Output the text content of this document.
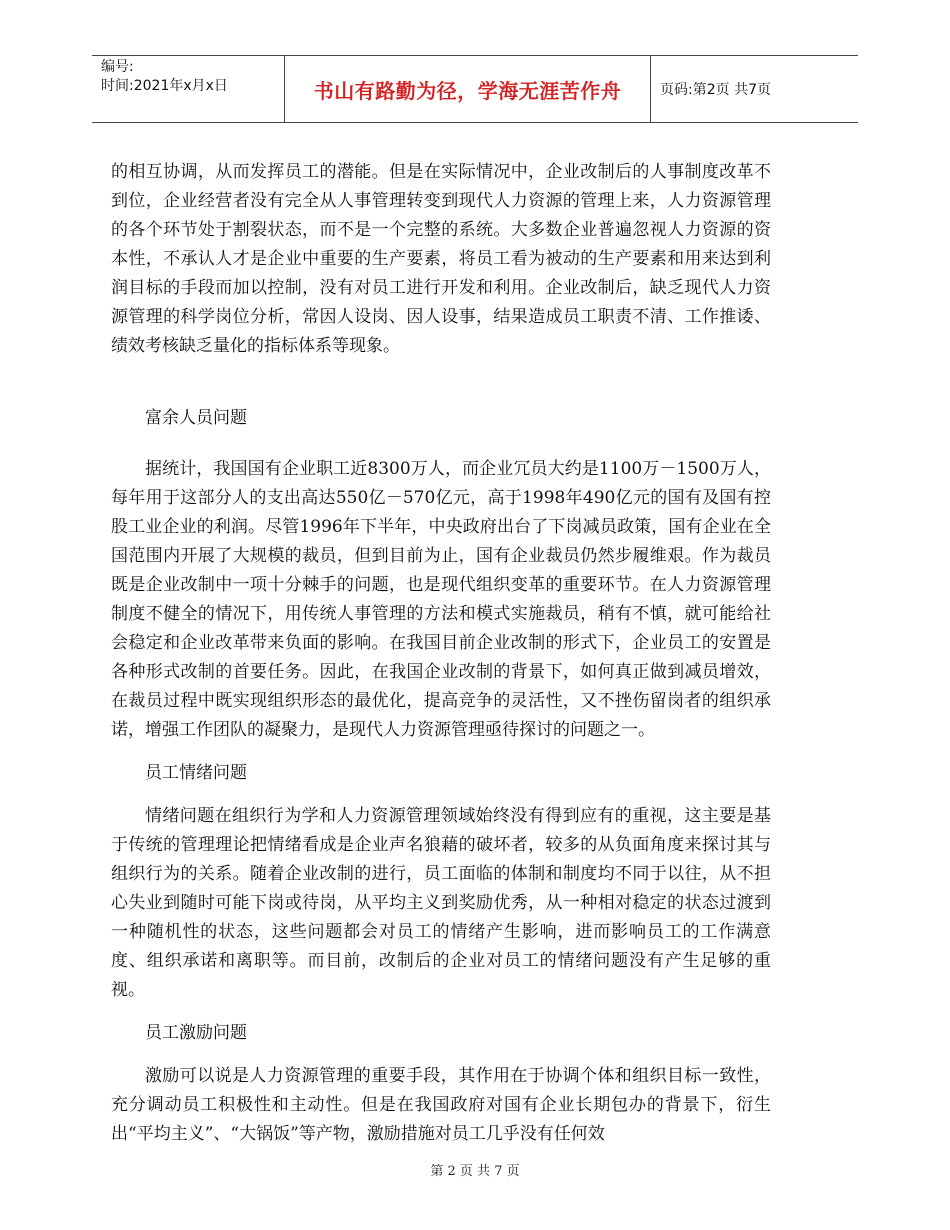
编号:
时间:2021年x月x日	书山有路勤为径，学海无涯苦作舟	页码:第2页 共7页

的相互协调，从而发挥员工的潜能。但是在实际情况中，企业改制后的人事制度改革不到位，企业经营者没有完全从人事管理转变到现代人力资源的管理上来，人力资源管理的各个环节处于割裂状态，而不是一个完整的系统。大多数企业普遍忽视人力资源的资本性，不承认人才是企业中重要的生产要素，将员工看为被动的生产要素和用来达到利润目标的手段而加以控制，没有对员工进行开发和利用。企业改制后，缺乏现代人力资源管理的科学岗位分析，常因人设岗、因人设事，结果造成员工职责不清、工作推诿、绩效考核缺乏量化的指标体系等现象。

富余人员问题

据统计，我国国有企业职工近8300万人，而企业冗员大约是1100万－1500万人，每年用于这部分人的支出高达550亿－570亿元，高于1998年490亿元的国有及国有控股工业企业的利润。尽管1996年下半年，中央政府出台了下岗减员政策，国有企业在全国范围内开展了大规模的裁员，但到目前为止，国有企业裁员仍然步履维艰。作为裁员既是企业改制中一项十分棘手的问题，也是现代组织变革的重要环节。在人力资源管理制度不健全的情况下，用传统人事管理的方法和模式实施裁员，稍有不慎，就可能给社会稳定和企业改革带来负面的影响。在我国目前企业改制的形式下，企业员工的安置是各种形式改制的首要任务。因此，在我国企业改制的背景下，如何真正做到减员增效，在裁员过程中既实现组织形态的最优化，提高竞争的灵活性，又不挫伤留岗者的组织承诺，增强工作团队的凝聚力，是现代人力资源管理亟待探讨的问题之一。

员工情绪问题

情绪问题在组织行为学和人力资源管理领域始终没有得到应有的重视，这主要是基于传统的管理理论把情绪看成是企业声名狼藉的破坏者，较多的从负面角度来探讨其与组织行为的关系。随着企业改制的进行，员工面临的体制和制度均不同于以往，从不担心失业到随时可能下岗或待岗，从平均主义到奖励优秀，从一种相对稳定的状态过渡到一种随机性的状态，这些问题都会对员工的情绪产生影响，进而影响员工的工作满意度、组织承诺和离职等。而目前，改制后的企业对员工的情绪问题没有产生足够的重视。

员工激励问题

激励可以说是人力资源管理的重要手段，其作用在于协调个体和组织目标一致性，充分调动员工积极性和主动性。但是在我国政府对国有企业长期包办的背景下，衍生出“平均主义”、“大锅饭”等产物，激励措施对员工几乎没有任何效

第 2 页 共 7 页
